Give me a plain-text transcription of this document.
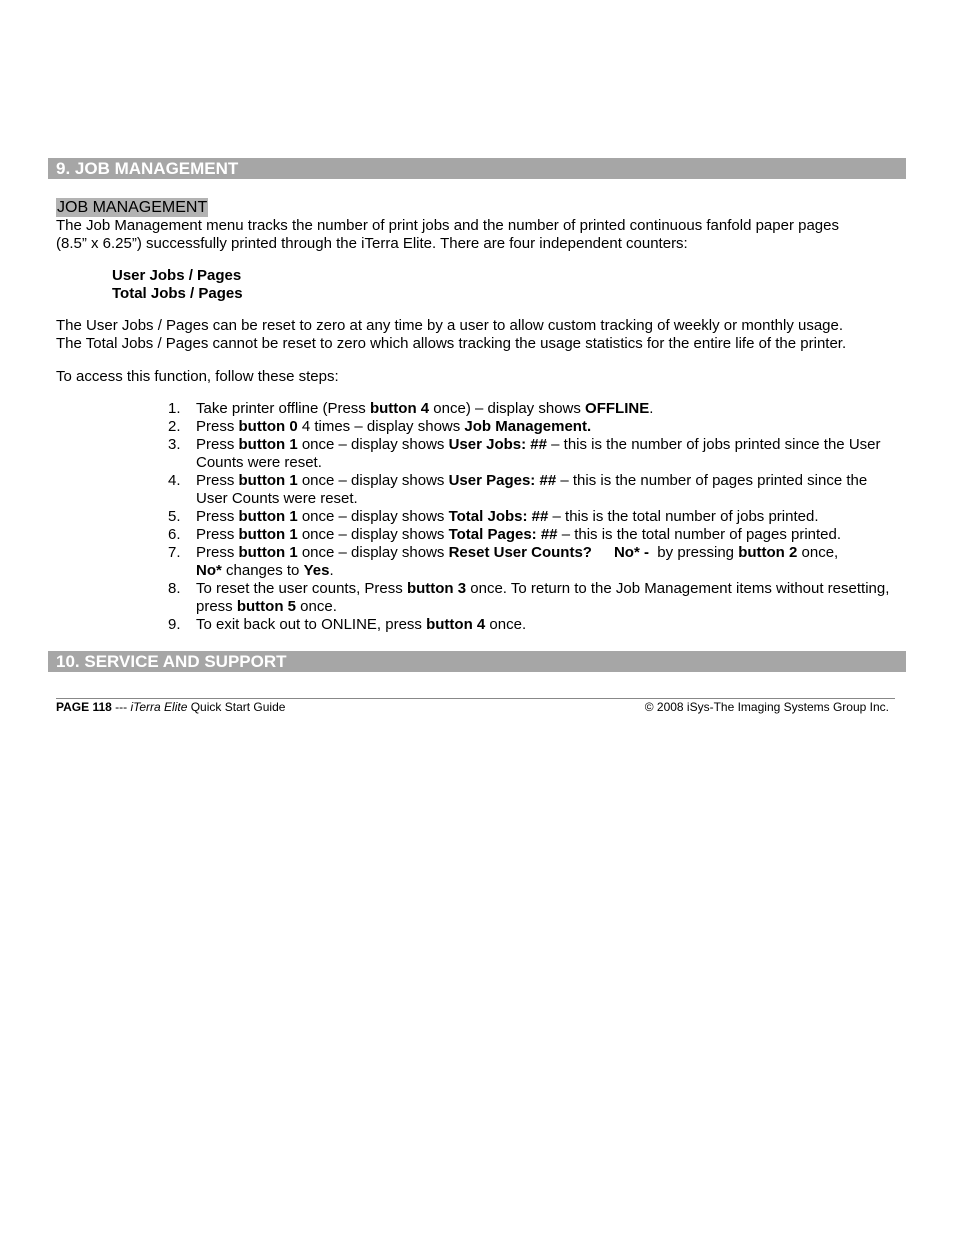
9. JOB MANAGEMENT
JOB MANAGEMENT
The Job Management menu tracks the number of print jobs and the number of printed continuous fanfold paper pages
(8.5” x 6.25”) successfully printed through the iTerra Elite. There are four independent counters:
User Jobs / Pages
Total Jobs / Pages
The User Jobs / Pages can be reset to zero at any time by a user to allow custom tracking of weekly or monthly usage.
The Total Jobs / Pages cannot be reset to zero which allows tracking the usage statistics for the entire life of the printer.
To access this function, follow these steps:
1. Take printer offline (Press button 4 once) – display shows OFFLINE.
2. Press button 0 4 times – display shows Job Management.
3. Press button 1 once – display shows User Jobs: ## – this is the number of jobs printed since the User Counts were reset.
4. Press button 1 once – display shows User Pages: ## – this is the number of pages printed since the User Counts were reset.
5. Press button 1 once – display shows Total Jobs: ## – this is the total number of jobs printed.
6. Press button 1 once – display shows Total Pages: ## – this is the total number of pages printed.
7. Press button 1 once – display shows Reset User Counts? No* -  by pressing button 2 once,
No* changes to Yes.
8. To reset the user counts, Press button 3 once. To return to the Job Management items without resetting, press button 5 once.
9. To exit back out to ONLINE, press button 4 once.
10. SERVICE AND SUPPORT
PAGE 118 --- iTerra Elite Quick Start Guide	© 2008 iSys-The Imaging Systems Group Inc.
